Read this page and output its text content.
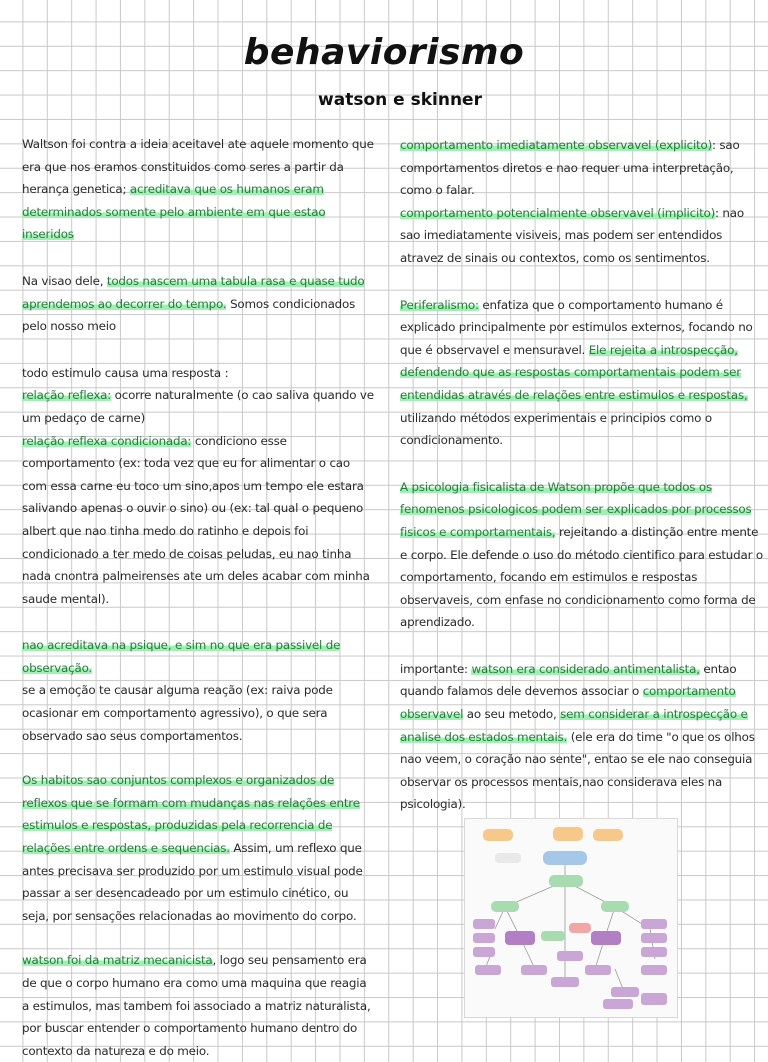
behaviorismo
watson e skinner

Waltson foi contra a ideia aceitavel ate aquele momento que era que nos eramos constituidos como seres a partir da herança genetica; acreditava que os humanos eram determinados somente pelo ambiente em que estao inseridos

Na visao dele, todos nascem uma tabula rasa e quase tudo aprendemos ao decorrer do tempo. Somos condicionados pelo nosso meio

todo estimulo causa uma resposta :

relação reflexa: ocorre naturalmente (o cao saliva quando ve um pedaço de carne)

relação reflexa condicionada: condiciono esse comportamento (ex: toda vez que eu for alimentar o cao com essa carne eu toco um sino,apos um tempo ele estara salivando apenas o ouvir o sino) ou (ex: tal qual o pequeno albert que nao tinha medo do ratinho e depois foi condicionado a ter medo de coisas peludas, eu nao tinha nada cnontra palmeirenses ate um deles acabar com minha saude mental).

nao acreditava na psique, e sim no que era passivel de observação.

se a emoção te causar alguma reação (ex: raiva pode ocasionar em comportamento agressivo), o que sera observado sao seus comportamentos.

Os habitos sao conjuntos complexos e organizados de reflexos que se formam com mudanças nas relações entre estimulos e respostas, produzidas pela recorrencia de relações entre ordens e sequencias. Assim, um reflexo que antes precisava ser produzido por um estimulo visual pode passar a ser desencadeado por um estimulo cinético, ou seja, por sensações relacionadas ao movimento do corpo.

watson foi da matriz mecanicista, logo seu pensamento era de que o corpo humano era como uma maquina que reagia a estimulos, mas tambem foi associado a matriz naturalista, por buscar entender o comportamento humano dentro do contexto da natureza e do meio.

comportamento imediatamente observavel (explicito): sao comportamentos diretos e nao requer uma interpretação, como o falar.

comportamento potencialmente observavel (implicito): nao sao imediatamente visiveis, mas podem ser entendidos atravez de sinais ou contextos, como os sentimentos.

Periferalismo: enfatiza que o comportamento humano é explicado principalmente por estimulos externos, focando no que é observavel e mensuravel. Ele rejeita a introspecção, defendendo que as respostas comportamentais podem ser entendidas através de relações entre estimulos e respostas, utilizando métodos experimentais e principios como o condicionamento.

A psicologia fisicalista de Watson propõe que todos os fenomenos psicologicos podem ser explicados por processos fisicos e comportamentais, rejeitando a distinção entre mente e corpo. Ele defende o uso do método cientifico para estudar o comportamento, focando em estimulos e respostas observaveis, com enfase no condicionamento como forma de aprendizado.

importante: watson era considerado antimentalista, entao quando falamos dele devemos associar o comportamento observavel ao seu metodo, sem considerar a introspecção e analise dos estados mentais. (ele era do time "o que os olhos nao veem, o coração nao sente", entao se ele nao conseguia observar os processos mentais,nao considerava eles na psicologia).
